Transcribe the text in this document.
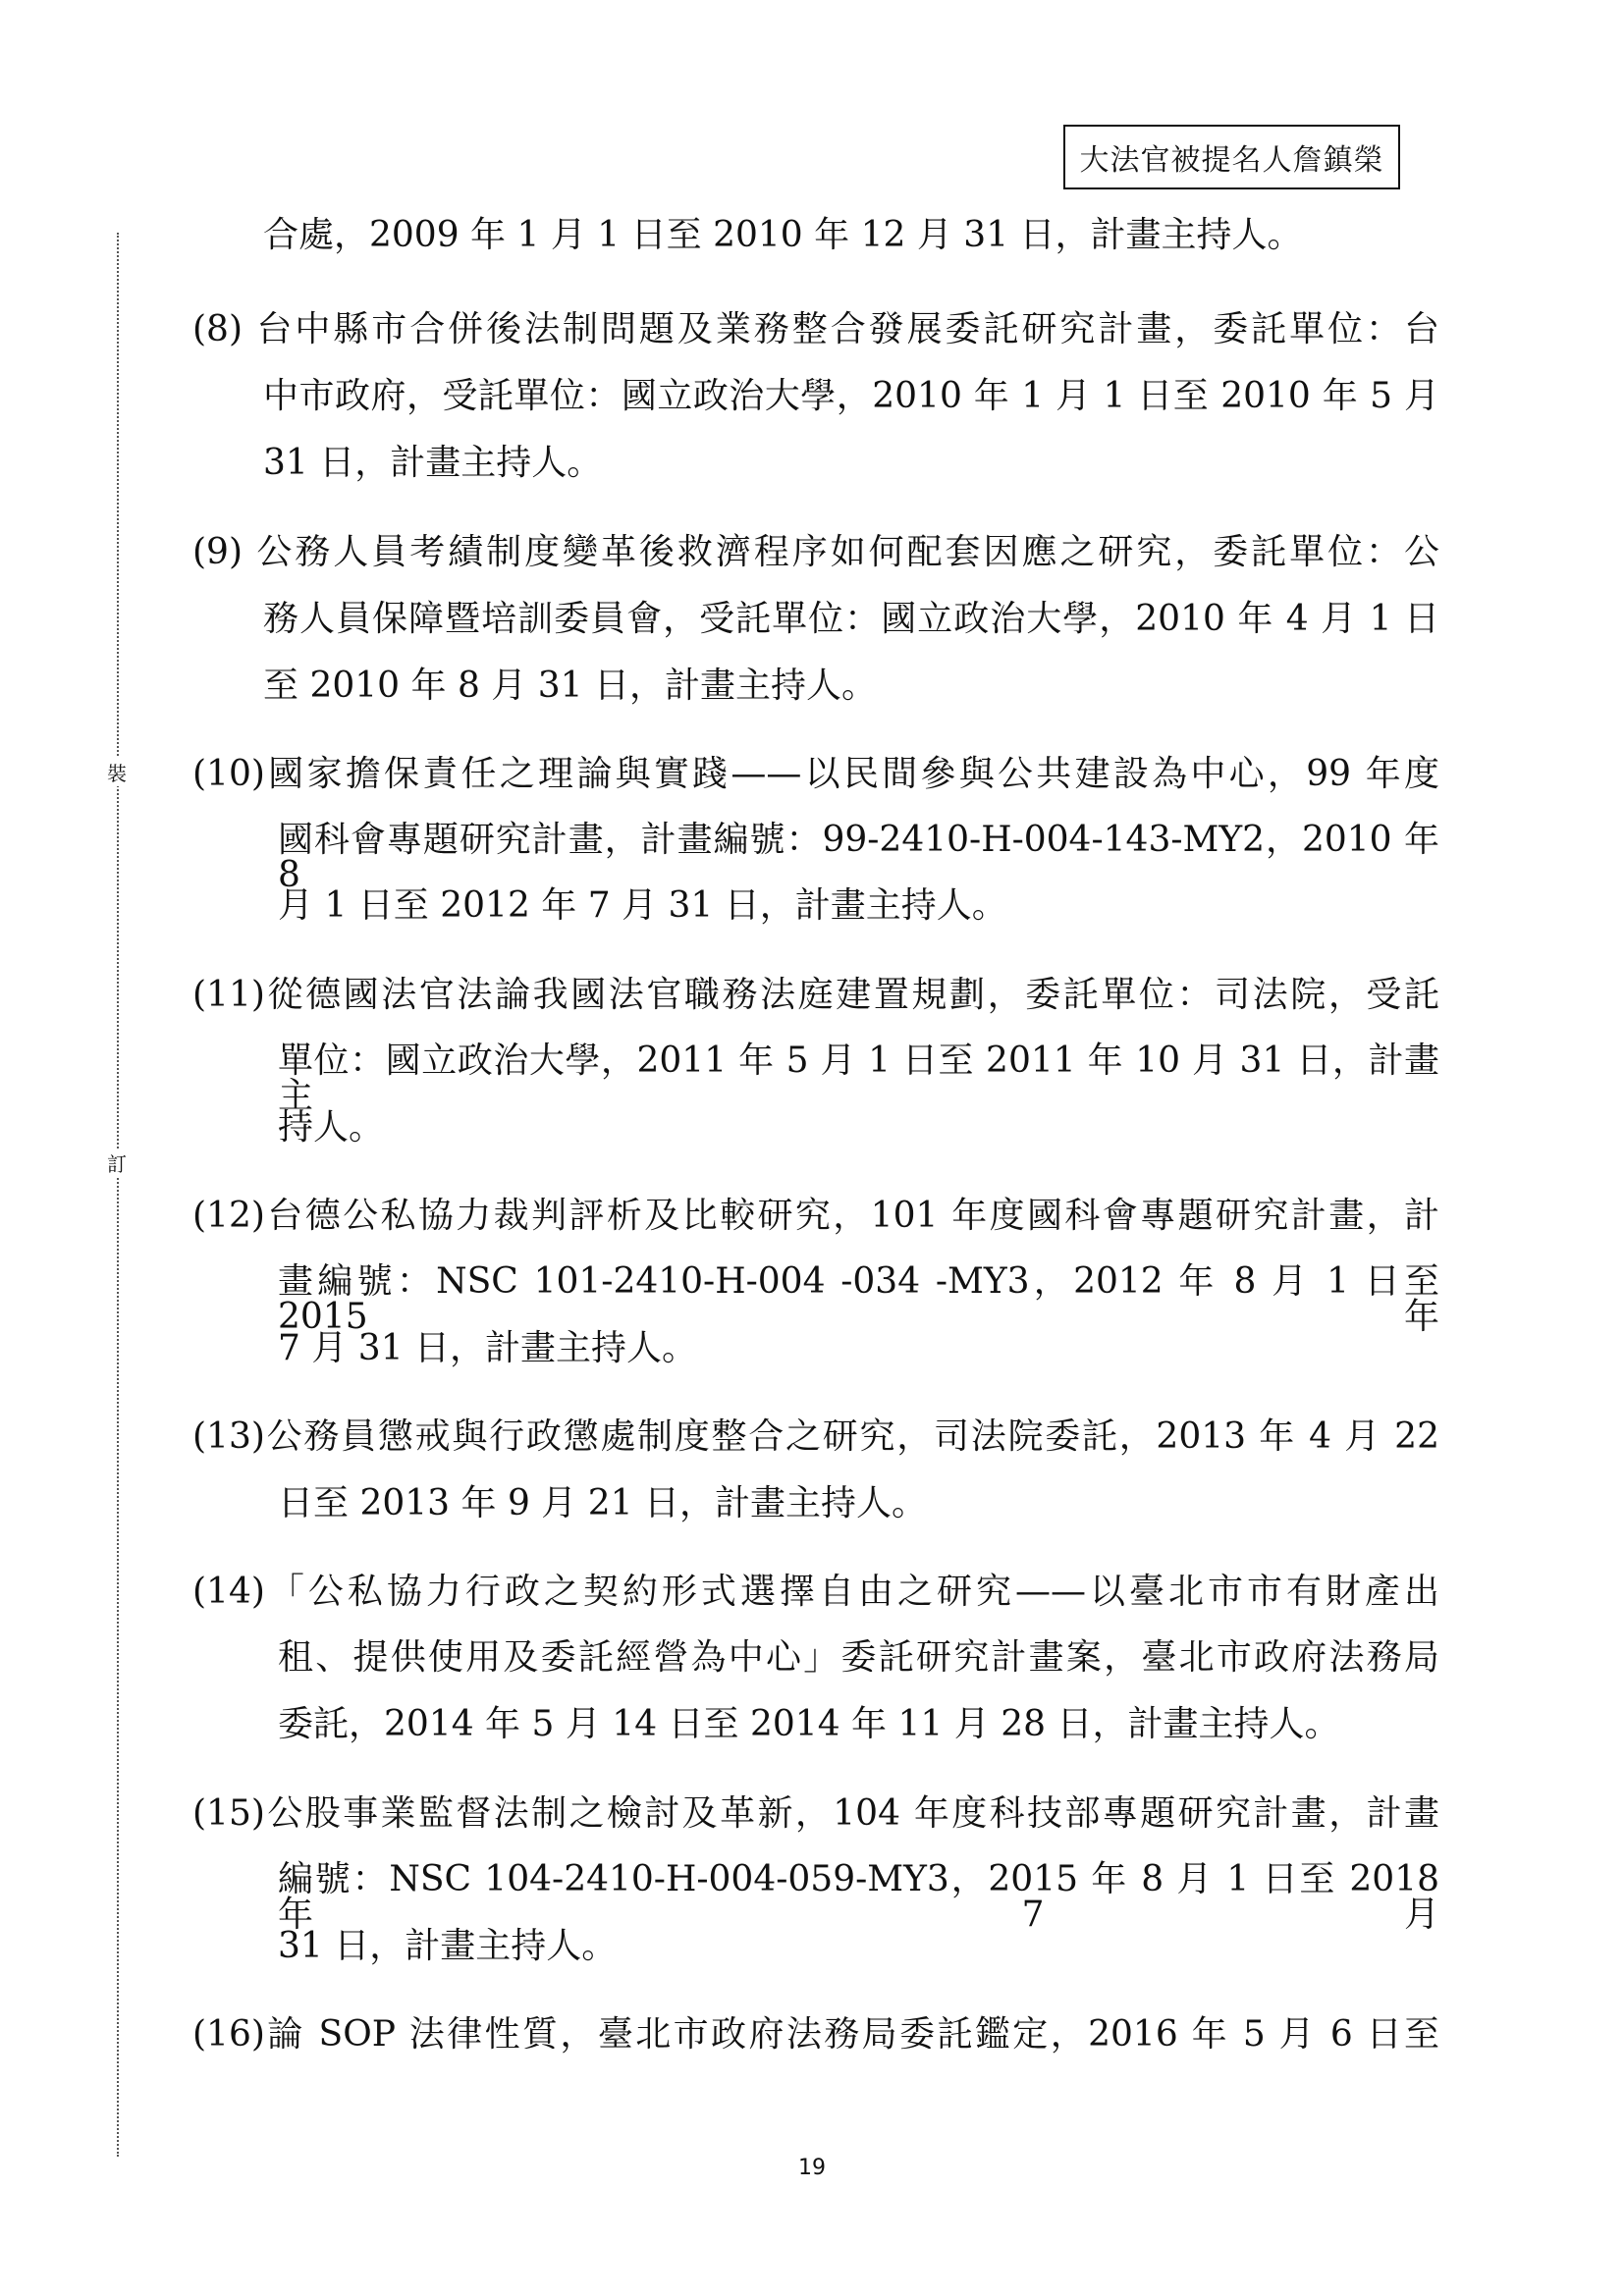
大法官被提名人詹鎮榮
裝
訂
合處，2009 年 1 月 1 日至 2010 年 12 月 31 日，計畫主持人。
(8) 台中縣市合併後法制問題及業務整合發展委託研究計畫，委託單位：台
中市政府，受託單位：國立政治大學，2010 年 1 月 1 日至 2010 年 5 月
31 日，計畫主持人。
(9) 公務人員考績制度變革後救濟程序如何配套因應之研究，委託單位：公
務人員保障暨培訓委員會，受託單位：國立政治大學，2010 年 4 月 1 日
至 2010 年 8 月 31 日，計畫主持人。
(10)國家擔保責任之理論與實踐——以民間參與公共建設為中心，99 年度
國科會專題研究計畫，計畫編號：99-2410-H-004-143-MY2，2010 年 8
月 1 日至 2012 年 7 月 31 日，計畫主持人。
(11)從德國法官法論我國法官職務法庭建置規劃，委託單位：司法院，受託
單位：國立政治大學，2011 年 5 月 1 日至 2011 年 10 月 31 日，計畫主
持人。
(12)台德公私協力裁判評析及比較研究，101 年度國科會專題研究計畫，計
畫編號：NSC 101-2410-H-004 -034 -MY3，2012 年 8 月 1 日至 2015 年
7 月 31 日，計畫主持人。
(13)公務員懲戒與行政懲處制度整合之研究，司法院委託，2013 年 4 月 22
日至 2013 年 9 月 21 日，計畫主持人。
(14)「公私協力行政之契約形式選擇自由之研究——以臺北市市有財產出
租、提供使用及委託經營為中心」委託研究計畫案，臺北市政府法務局
委託，2014 年 5 月 14 日至 2014 年 11 月 28 日，計畫主持人。
(15)公股事業監督法制之檢討及革新，104 年度科技部專題研究計畫，計畫
編號：NSC 104-2410-H-004-059-MY3，2015 年 8 月 1 日至 2018 年 7 月
31 日，計畫主持人。
(16)論 SOP 法律性質，臺北市政府法務局委託鑑定，2016 年 5 月 6 日至
19
